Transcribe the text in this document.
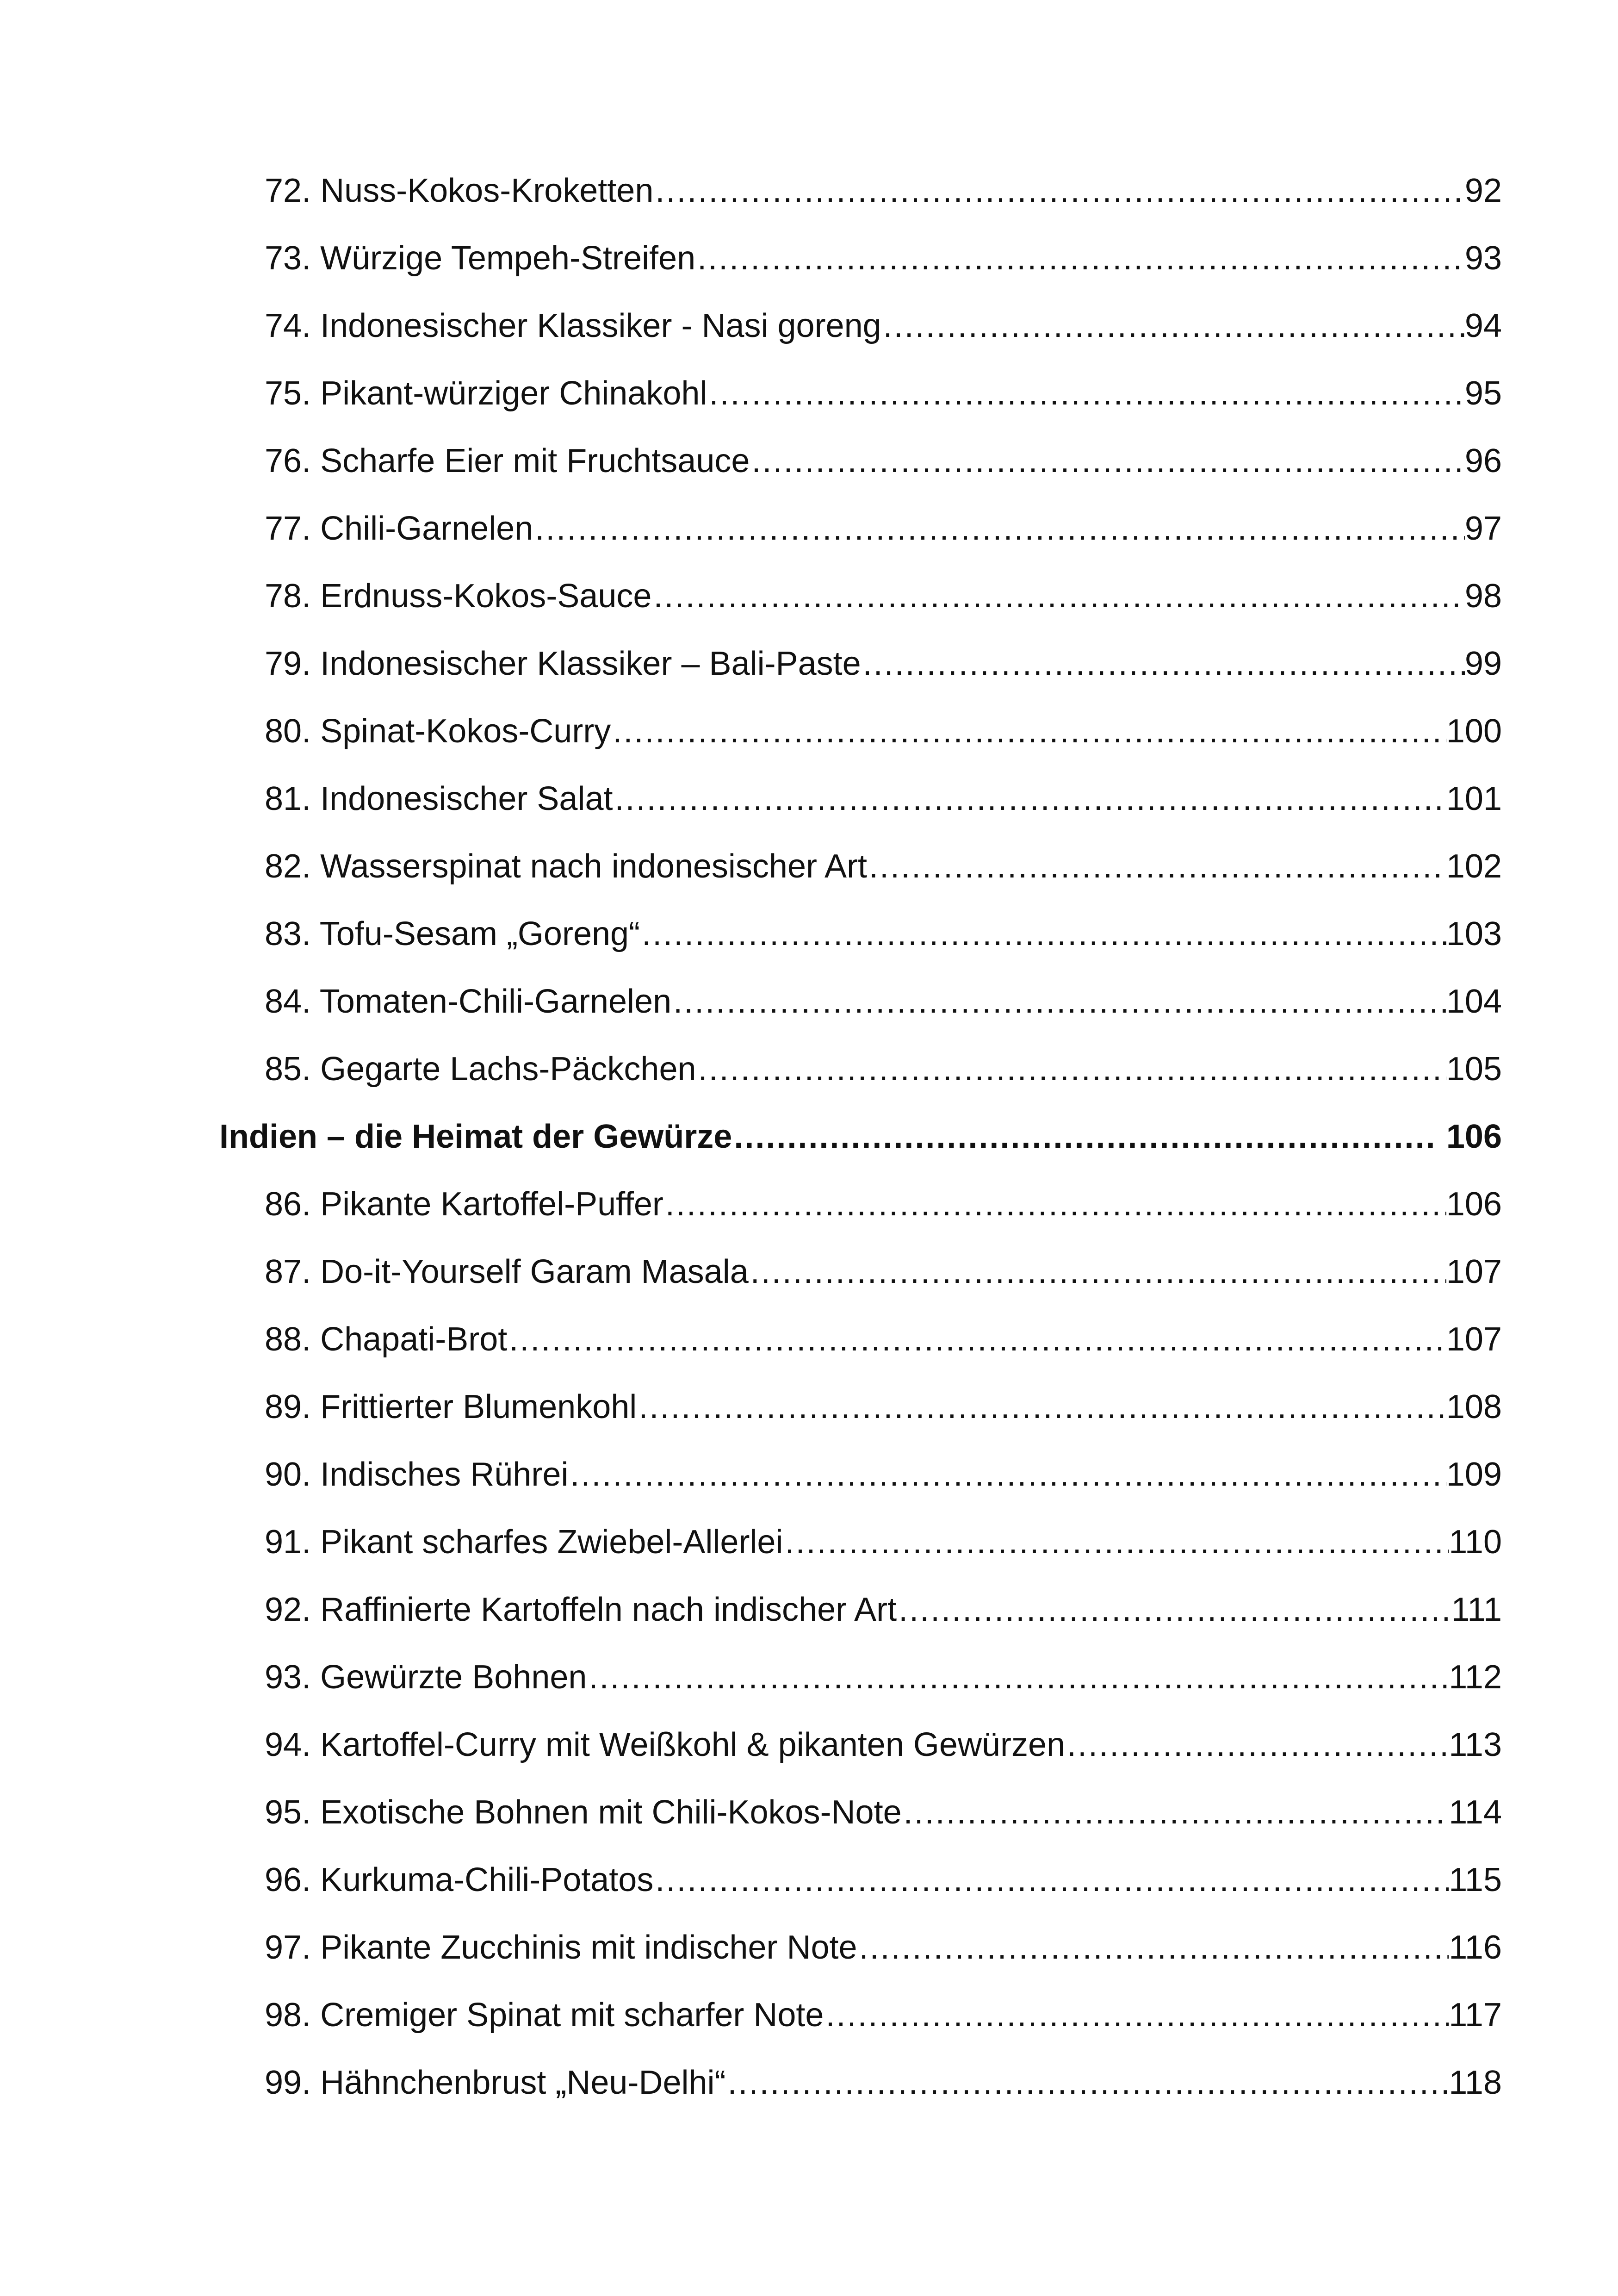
72. Nuss-Kokos-Kroketten .....	92
73. Würzige Tempeh-Streifen .....	93
74. Indonesischer Klassiker - Nasi goreng .....	94
75. Pikant-würziger Chinakohl .....	95
76. Scharfe Eier mit Fruchtsauce .....	96
77. Chili-Garnelen .....	97
78. Erdnuss-Kokos-Sauce .....	98
79. Indonesischer Klassiker – Bali-Paste .....	99
80. Spinat-Kokos-Curry .....	100
81. Indonesischer Salat .....	101
82. Wasserspinat nach indonesischer Art .....	102
83. Tofu-Sesam „Goreng“ .....	103
84. Tomaten-Chili-Garnelen .....	104
85. Gegarte Lachs-Päckchen .....	105
Indien – die Heimat der Gewürze .....	106
86. Pikante Kartoffel-Puffer .....	106
87. Do-it-Yourself Garam Masala .....	107
88. Chapati-Brot .....	107
89. Frittierter Blumenkohl .....	108
90. Indisches Rührei .....	109
91. Pikant scharfes Zwiebel-Allerlei .....	110
92. Raffinierte Kartoffeln nach indischer Art .....	111
93. Gewürzte Bohnen .....	112
94. Kartoffel-Curry mit Weißkohl & pikanten Gewürzen .....	113
95. Exotische Bohnen mit Chili-Kokos-Note .....	114
96. Kurkuma-Chili-Potatos .....	115
97. Pikante Zucchinis mit indischer Note .....	116
98. Cremiger Spinat mit scharfer Note .....	117
99. Hähnchenbrust „Neu-Delhi“ .....	118
